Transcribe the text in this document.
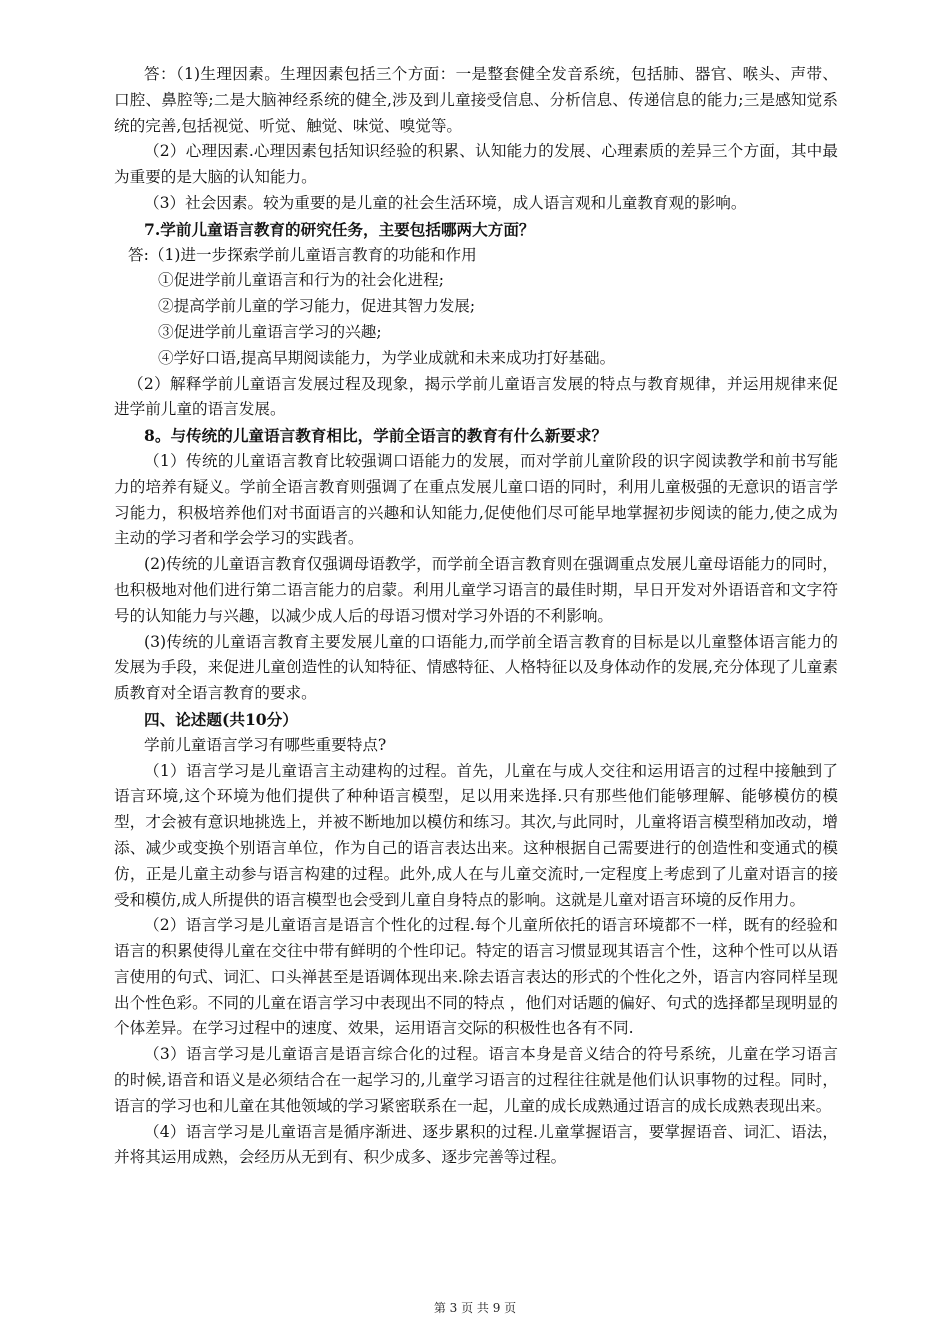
答：（1)生理因素。生理因素包括三个方面：一是整套健全发音系统，包括肺、器官、喉头、声带、口腔、鼻腔等;二是大脑神经系统的健全,涉及到儿童接受信息、分析信息、传递信息的能力;三是感知觉系统的完善,包括视觉、听觉、触觉、味觉、嗅觉等。

（2）心理因素.心理因素包括知识经验的积累、认知能力的发展、心理素质的差异三个方面，其中最为重要的是大脑的认知能力。

（3）社会因素。较为重要的是儿童的社会生活环境，成人语言观和儿童教育观的影响。

7.学前儿童语言教育的研究任务，主要包括哪两大方面？

答:（1)进一步探索学前儿童语言教育的功能和作用

①促进学前儿童语言和行为的社会化进程;

②提高学前儿童的学习能力，促进其智力发展;

③促进学前儿童语言学习的兴趣;

④学好口语,提高早期阅读能力，为学业成就和未来成功打好基础。

（2）解释学前儿童语言发展过程及现象，揭示学前儿童语言发展的特点与教育规律，并运用规律来促进学前儿童的语言发展。

8。与传统的儿童语言教育相比，学前全语言的教育有什么新要求？

（1）传统的儿童语言教育比较强调口语能力的发展，而对学前儿童阶段的识字阅读教学和前书写能力的培养有疑义。学前全语言教育则强调了在重点发展儿童口语的同时，利用儿童极强的无意识的语言学习能力，积极培养他们对书面语言的兴趣和认知能力,促使他们尽可能早地掌握初步阅读的能力,使之成为主动的学习者和学会学习的实践者。

(2)传统的儿童语言教育仅强调母语教学，而学前全语言教育则在强调重点发展儿童母语能力的同时，也积极地对他们进行第二语言能力的启蒙。利用儿童学习语言的最佳时期，早日开发对外语语音和文字符号的认知能力与兴趣，以减少成人后的母语习惯对学习外语的不利影响。

(3)传统的儿童语言教育主要发展儿童的口语能力,而学前全语言教育的目标是以儿童整体语言能力的发展为手段，来促进儿童创造性的认知特征、情感特征、人格特征以及身体动作的发展,充分体现了儿童素质教育对全语言教育的要求。

四、论述题(共10分）

学前儿童语言学习有哪些重要特点?

（1）语言学习是儿童语言主动建构的过程。首先，儿童在与成人交往和运用语言的过程中接触到了语言环境,这个环境为他们提供了种种语言模型，足以用来选择.只有那些他们能够理解、能够模仿的模型，才会被有意识地挑选上，并被不断地加以模仿和练习。其次,与此同时，儿童将语言模型稍加改动，增添、减少或变换个别语言单位，作为自己的语言表达出来。这种根据自己需要进行的创造性和变通式的模仿，正是儿童主动参与语言构建的过程。此外,成人在与儿童交流时,一定程度上考虑到了儿童对语言的接受和模仿,成人所提供的语言模型也会受到儿童自身特点的影响。这就是儿童对语言环境的反作用力。

（2）语言学习是儿童语言是语言个性化的过程.每个儿童所依托的语言环境都不一样，既有的经验和语言的积累使得儿童在交往中带有鲜明的个性印记。特定的语言习惯显现其语言个性，这种个性可以从语言使用的句式、词汇、口头禅甚至是语调体现出来.除去语言表达的形式的个性化之外，语言内容同样呈现出个性色彩。不同的儿童在语言学习中表现出不同的特点 ，他们对话题的偏好、句式的选择都呈现明显的个体差异。在学习过程中的速度、效果，运用语言交际的积极性也各有不同.

（3）语言学习是儿童语言是语言综合化的过程。语言本身是音义结合的符号系统，儿童在学习语言的时候,语音和语义是必须结合在一起学习的,儿童学习语言的过程往往就是他们认识事物的过程。同时，语言的学习也和儿童在其他领域的学习紧密联系在一起，儿童的成长成熟通过语言的成长成熟表现出来。

（4）语言学习是儿童语言是循序渐进、逐步累积的过程.儿童掌握语言，要掌握语音、词汇、语法，并将其运用成熟，会经历从无到有、积少成多、逐步完善等过程。

第 3 页 共 9 页
